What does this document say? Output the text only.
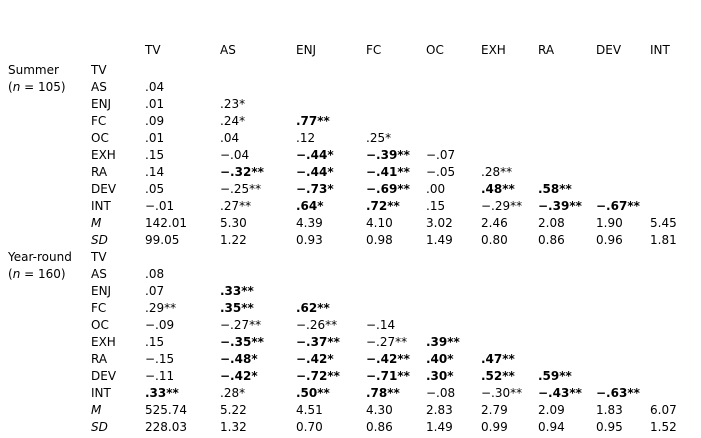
TV	AS	ENJ	FC	OC	EXH	RA	DEV INT
Summer
(n = 105)
TV
AS	.04
ENJ	.01	.23*
FC	.09	.24*	.77**
OC	.01	.04	.12	.25*
EXH .15	−.04	−.44*	−.39** −.07
RA	.14	−.32**	−.44*	−.41** −.05 .28**
DEV .05	−.25**	−.73*	−.69** .00	.48** .58**
INT	−.01	.27**	.64*	.72** .15	−.29** −.39** −.67**
M	142.01	5.30	4.39	4.10	3.02 2.46	2.08	1.90 5.45
SD	99.05	1.22	0.93	0.98	1.49 0.80	0.86	0.96 1.81
Year-round
(n = 160)
TV
AS	.08
ENJ	.07	.33**
FC	.29**	.35**	.62**
OC	−.09	−.27**	−.26** −.14
EXH .15	−.35**	−.37** −.27** .39**
RA	−.15	−.48*	−.42*	−.42** .40* .47**
DEV −.11	−.42*	−.72** −.71** .30* .52** .59**
INT	.33**	.28*	.50**	.78** −.08 −.30** −.43** −.63**
M	525.74	5.22	4.51	4.30	2.83 2.79	2.09	1.83 6.07
SD	228.03	1.32	0.70	0.86	1.49 0.99	0.94	0.95 1.52
